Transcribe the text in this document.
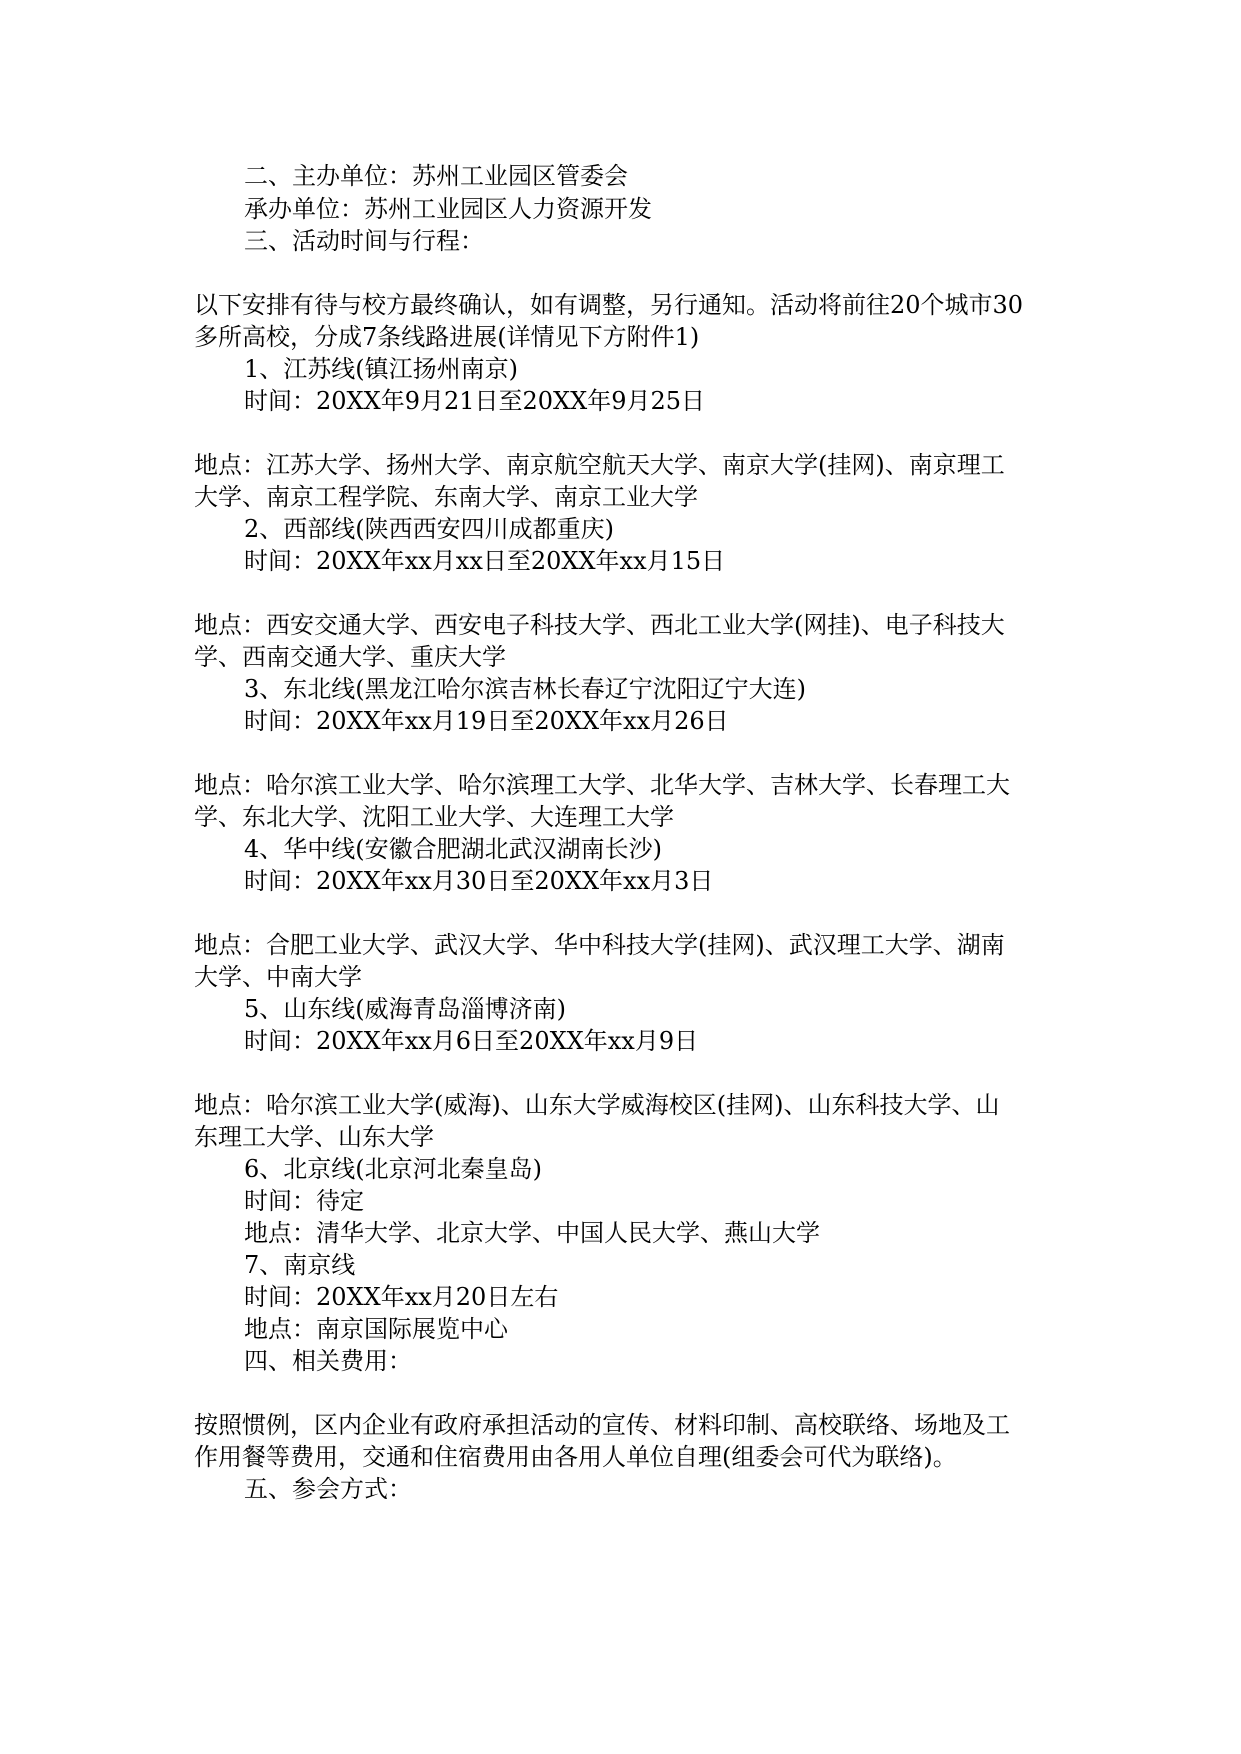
二、主办单位：苏州工业园区管委会
承办单位：苏州工业园区人力资源开发
三、活动时间与行程：
以下安排有待与校方最终确认，如有调整，另行通知。活动将前往20个城市30
多所高校，分成7条线路进展(详情见下方附件1)
1、江苏线(镇江扬州南京)
时间：20XX年9月21日至20XX年9月25日
地点：江苏大学、扬州大学、南京航空航天大学、南京大学(挂网)、南京理工
大学、南京工程学院、东南大学、南京工业大学
2、西部线(陕西西安四川成都重庆)
时间：20XX年xx月xx日至20XX年xx月15日
地点：西安交通大学、西安电子科技大学、西北工业大学(网挂)、电子科技大
学、西南交通大学、重庆大学
3、东北线(黑龙江哈尔滨吉林长春辽宁沈阳辽宁大连)
时间：20XX年xx月19日至20XX年xx月26日
地点：哈尔滨工业大学、哈尔滨理工大学、北华大学、吉林大学、长春理工大
学、东北大学、沈阳工业大学、大连理工大学
4、华中线(安徽合肥湖北武汉湖南长沙)
时间：20XX年xx月30日至20XX年xx月3日
地点：合肥工业大学、武汉大学、华中科技大学(挂网)、武汉理工大学、湖南
大学、中南大学
5、山东线(威海青岛淄博济南)
时间：20XX年xx月6日至20XX年xx月9日
地点：哈尔滨工业大学(威海)、山东大学威海校区(挂网)、山东科技大学、山
东理工大学、山东大学
6、北京线(北京河北秦皇岛)
时间：待定
地点：清华大学、北京大学、中国人民大学、燕山大学
7、南京线
时间：20XX年xx月20日左右
地点：南京国际展览中心
四、相关费用：
按照惯例，区内企业有政府承担活动的宣传、材料印制、高校联络、场地及工
作用餐等费用，交通和住宿费用由各用人单位自理(组委会可代为联络)。
五、参会方式：
